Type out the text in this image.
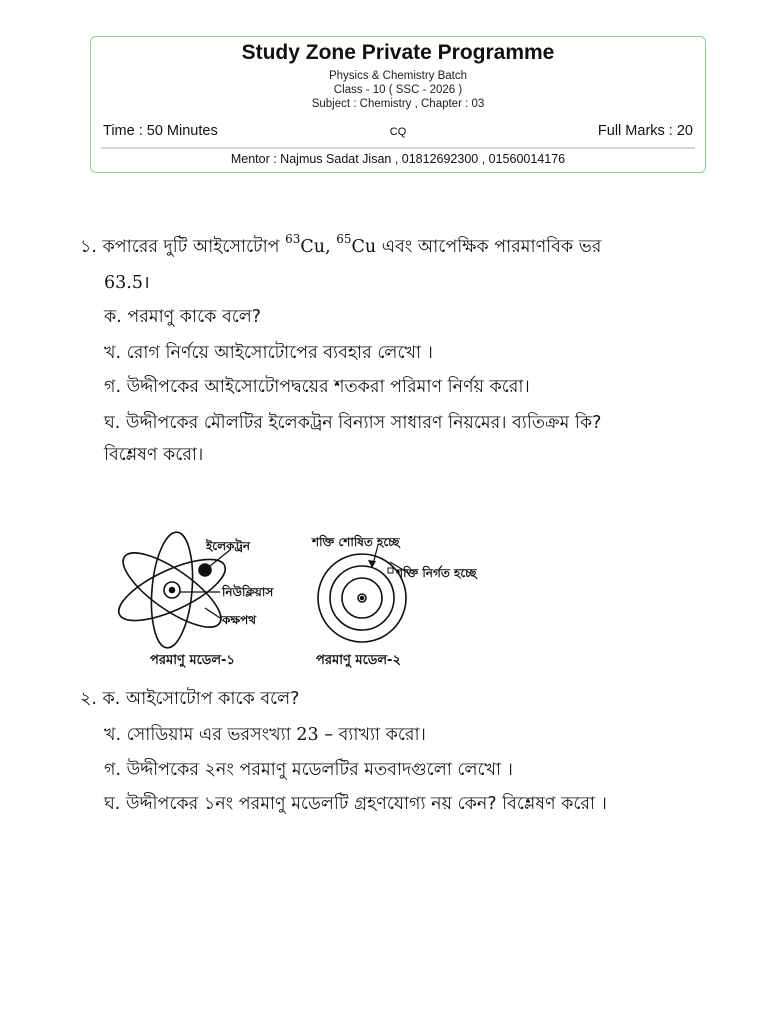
Study Zone Private Programme
Physics & Chemistry Batch
Class - 10 ( SSC - 2026 )
Subject : Chemistry , Chapter : 03
Time : 50 Minutes	CQ	Full Marks : 20
Mentor : Najmus Sadat Jisan , 01812692300 , 01560014176
১. কপারের দুটি আইসোটোপ $^{63}$Cu, $^{65}$Cu এবং আপেক্ষিক পারমাণবিক ভর
63.5।
ক. পরমাণু কাকে বলে?
খ. রোগ নির্ণয়ে আইসোটোপের ব্যবহার লেখো ।
গ. উদ্দীপকের আইসোটোপদ্বয়ের শতকরা পরিমাণ নির্ণয় করো।
ঘ. উদ্দীপকের মৌলটির ইলেকট্রন বিন্যাস সাধারণ নিয়মের। ব্যতিক্রম কি?
বিশ্লেষণ করো।
ইলেকট্রন
নিউক্লিয়াস
কক্ষপথ
পরমাণু মডেল-১
শক্তি শোষিত হচ্ছে
শক্তি নির্গত হচ্ছে
পরমাণু মডেল-২
২. ক. আইসোটোপ কাকে বলে?
খ. সোডিয়াম এর ভরসংখ্যা 23 – ব্যাখ্যা করো।
গ. উদ্দীপকের ২নং পরমাণু মডেলটির মতবাদগুলো লেখো ।
ঘ. উদ্দীপকের ১নং পরমাণু মডেলটি গ্রহণযোগ্য নয় কেন? বিশ্লেষণ করো ।
